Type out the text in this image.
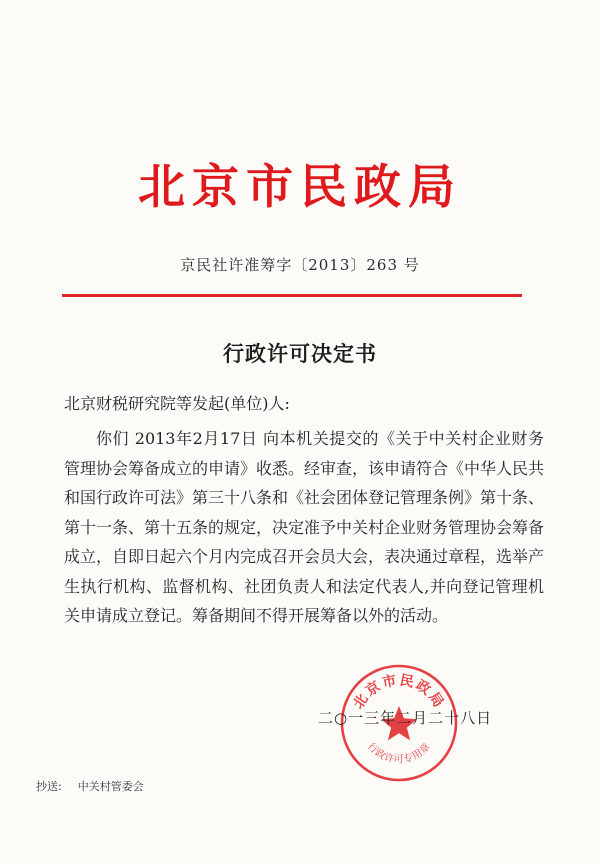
北京市民政局
京民社许准筹字〔2013〕263 号
行政许可决定书
北京财税研究院等发起(单位)人:

你们 2013年2月17日 向本机关提交的《关于中关村企业财务管理协会筹备成立的申请》收悉。经审查，该申请符合《中华人民共和国行政许可法》第三十八条和《社会团体登记管理条例》第十条、第十一条、第十五条的规定，决定准予中关村企业财务管理协会筹备成立，自即日起六个月内完成召开会员大会，表决通过章程，选举产生执行机构、监督机构、社团负责人和法定代表人,并向登记管理机关申请成立登记。筹备期间不得开展筹备以外的活动。

北京市民政局
行政许可专用章
二○一三年二月二十八日
抄送: 中关村管委会
